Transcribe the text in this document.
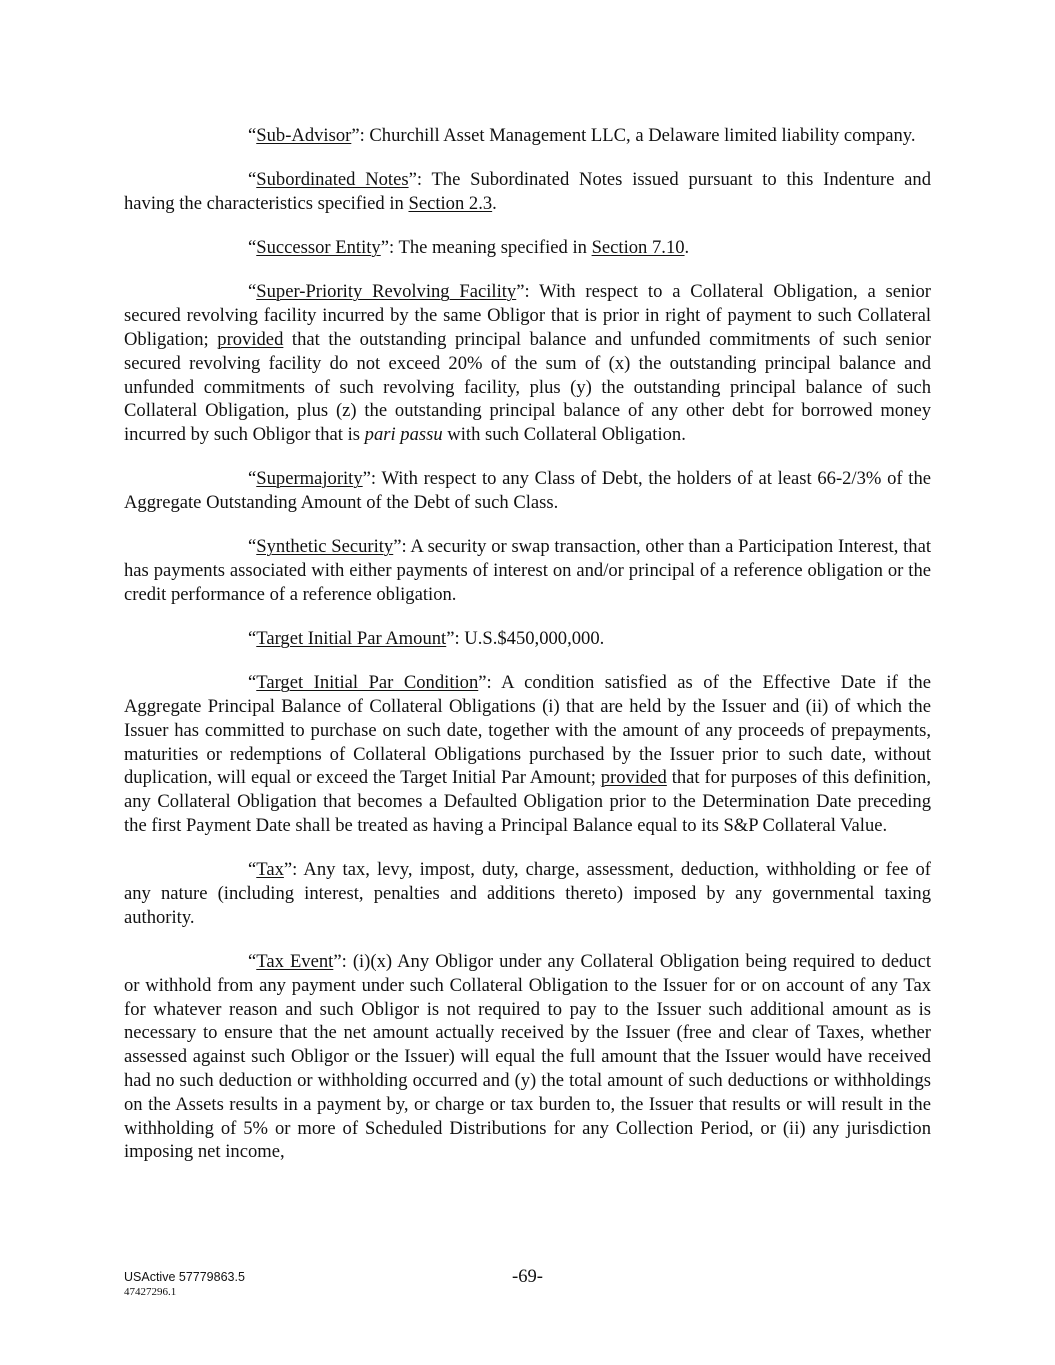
“Sub-Advisor”: Churchill Asset Management LLC, a Delaware limited liability company.

“Subordinated Notes”: The Subordinated Notes issued pursuant to this Indenture and having the characteristics specified in Section 2.3.

“Successor Entity”: The meaning specified in Section 7.10.

“Super-Priority Revolving Facility”: With respect to a Collateral Obligation, a senior secured revolving facility incurred by the same Obligor that is prior in right of payment to such Collateral Obligation; provided that the outstanding principal balance and unfunded commitments of such senior secured revolving facility do not exceed 20% of the sum of (x) the outstanding principal balance and unfunded commitments of such revolving facility, plus (y) the outstanding principal balance of such Collateral Obligation, plus (z) the outstanding principal balance of any other debt for borrowed money incurred by such Obligor that is pari passu with such Collateral Obligation.

“Supermajority”: With respect to any Class of Debt, the holders of at least 66-2/3% of the Aggregate Outstanding Amount of the Debt of such Class.

“Synthetic Security”: A security or swap transaction, other than a Participation Interest, that has payments associated with either payments of interest on and/or principal of a reference obligation or the credit performance of a reference obligation.

“Target Initial Par Amount”: U.S.$450,000,000.

“Target Initial Par Condition”: A condition satisfied as of the Effective Date if the Aggregate Principal Balance of Collateral Obligations (i) that are held by the Issuer and (ii) of which the Issuer has committed to purchase on such date, together with the amount of any proceeds of prepayments, maturities or redemptions of Collateral Obligations purchased by the Issuer prior to such date, without duplication, will equal or exceed the Target Initial Par Amount; provided that for purposes of this definition, any Collateral Obligation that becomes a Defaulted Obligation prior to the Determination Date preceding the first Payment Date shall be treated as having a Principal Balance equal to its S&P Collateral Value.

“Tax”: Any tax, levy, impost, duty, charge, assessment, deduction, withholding or fee of any nature (including interest, penalties and additions thereto) imposed by any governmental taxing authority.

“Tax Event”: (i)(x) Any Obligor under any Collateral Obligation being required to deduct or withhold from any payment under such Collateral Obligation to the Issuer for or on account of any Tax for whatever reason and such Obligor is not required to pay to the Issuer such additional amount as is necessary to ensure that the net amount actually received by the Issuer (free and clear of Taxes, whether assessed against such Obligor or the Issuer) will equal the full amount that the Issuer would have received had no such deduction or withholding occurred and (y) the total amount of such deductions or withholdings on the Assets results in a payment by, or charge or tax burden to, the Issuer that results or will result in the withholding of 5% or more of Scheduled Distributions for any Collection Period, or (ii) any jurisdiction imposing net income,

USActive 57779863.5
47427296.1
-69-
